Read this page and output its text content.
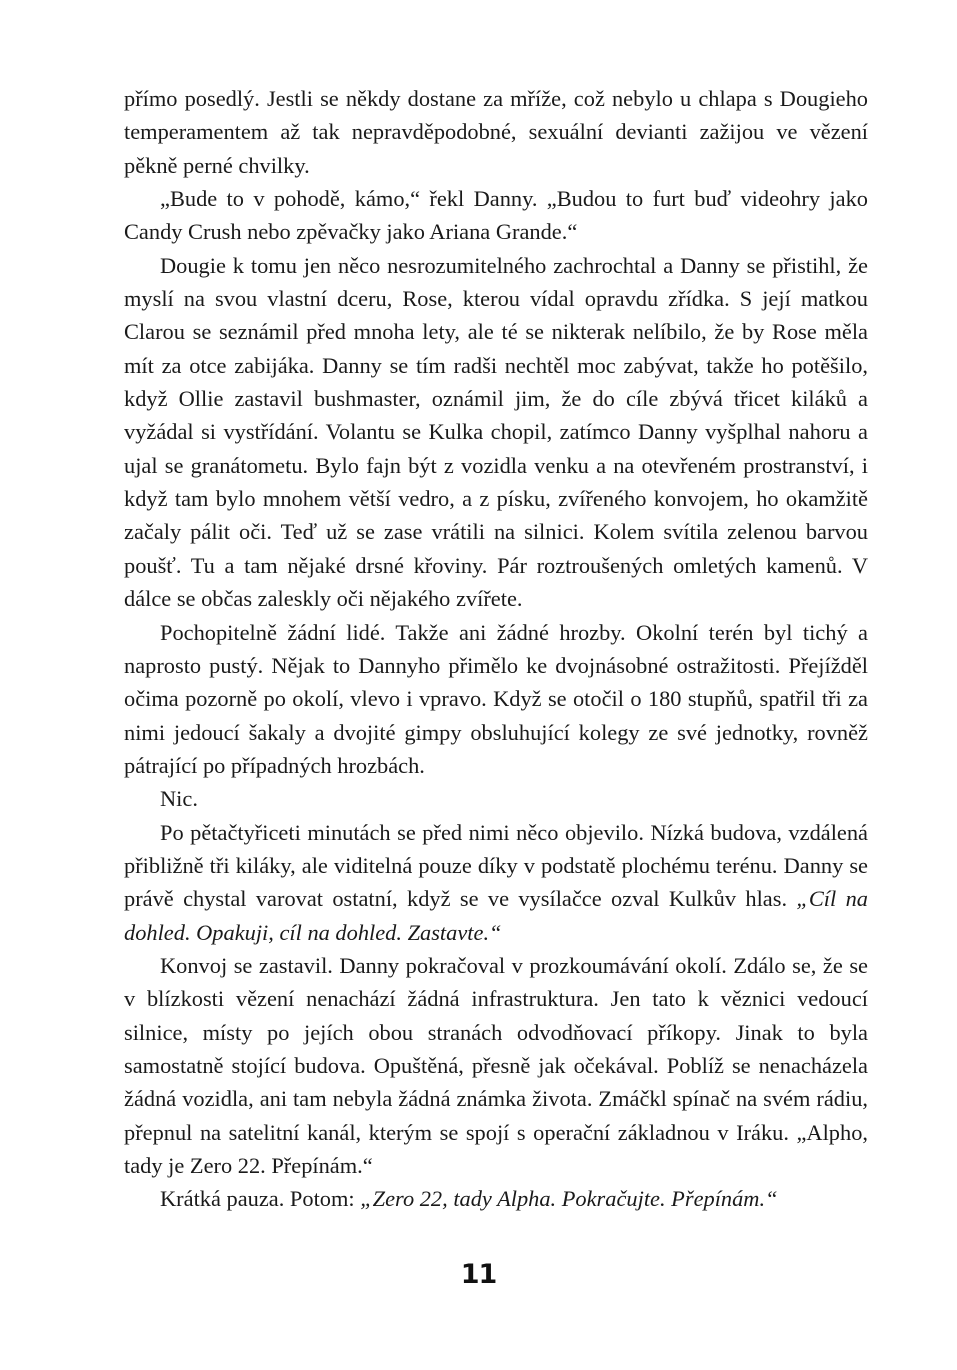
přímo posedlý. Jestli se někdy dostane za mříže, což nebylo u chlapa s Dougieho temperamentem až tak nepravděpodobné, sexuální devianti zažijou ve vězení pěkně perné chvilky.

„Bude to v pohodě, kámo,“ řekl Danny. „Budou to furt buď videohry jako Candy Crush nebo zpěvačky jako Ariana Grande.“

Dougie k tomu jen něco nesrozumitelného zachrochtal a Danny se přistihl, že myslí na svou vlastní dceru, Rose, kterou vídal opravdu zřídka. S její matkou Clarou se seznámil před mnoha lety, ale té se nikterak nelíbilo, že by Rose měla mít za otce zabijáka. Danny se tím radši nechtěl moc zabývat, takže ho potěšilo, když Ollie zastavil bushmaster, oznámil jim, že do cíle zbývá třicet kiláků a vyžádal si vystřídání. Volantu se Kulka chopil, zatímco Danny vyšplhal nahoru a ujal se granátometu. Bylo fajn být z vozidla venku a na otevřeném prostranství, i když tam bylo mnohem větší vedro, a z písku, zvířeného konvojem, ho okamžitě začaly pálit oči. Teď už se zase vrátili na silnici. Kolem svítila zelenou barvou poušť. Tu a tam nějaké drsné křoviny. Pár roztroušených omletých kamenů. V dálce se občas zaleskly oči nějakého zvířete.

Pochopitelně žádní lidé. Takže ani žádné hrozby. Okolní terén byl tichý a naprosto pustý. Nějak to Dannyho přimělo ke dvojnásobné ostražitosti. Přejížděl očima pozorně po okolí, vlevo i vpravo. Když se otočil o 180 stupňů, spatřil tři za nimi jedoucí šakaly a dvojité gimpy obsluhující kolegy ze své jednotky, rovněž pátrající po případných hrozbách.

Nic.

Po pětačtyřiceti minutách se před nimi něco objevilo. Nízká budova, vzdálená přibližně tři kiláky, ale viditelná pouze díky v podstatě plochému terénu. Danny se právě chystal varovat ostatní, když se ve vysílačce ozval Kulkův hlas. „Cíl na dohled. Opakuji, cíl na dohled. Zastavte.“

Konvoj se zastavil. Danny pokračoval v prozkoumávání okolí. Zdálo se, že se v blízkosti vězení nenachází žádná infrastruktura. Jen tato k věznici vedoucí silnice, místy po jejích obou stranách odvodňovací příkopy. Jinak to byla samostatně stojící budova. Opuštěná, přesně jak očekával. Poblíž se nenacházela žádná vozidla, ani tam nebyla žádná známka života. Zmáčkl spínač na svém rádiu, přepnul na satelitní kanál, kterým se spojí s operační základnou v Iráku. „Alpho, tady je Zero 22. Přepínám.“

Krátká pauza. Potom: „Zero 22, tady Alpha. Pokračujte. Přepínám.“

11
